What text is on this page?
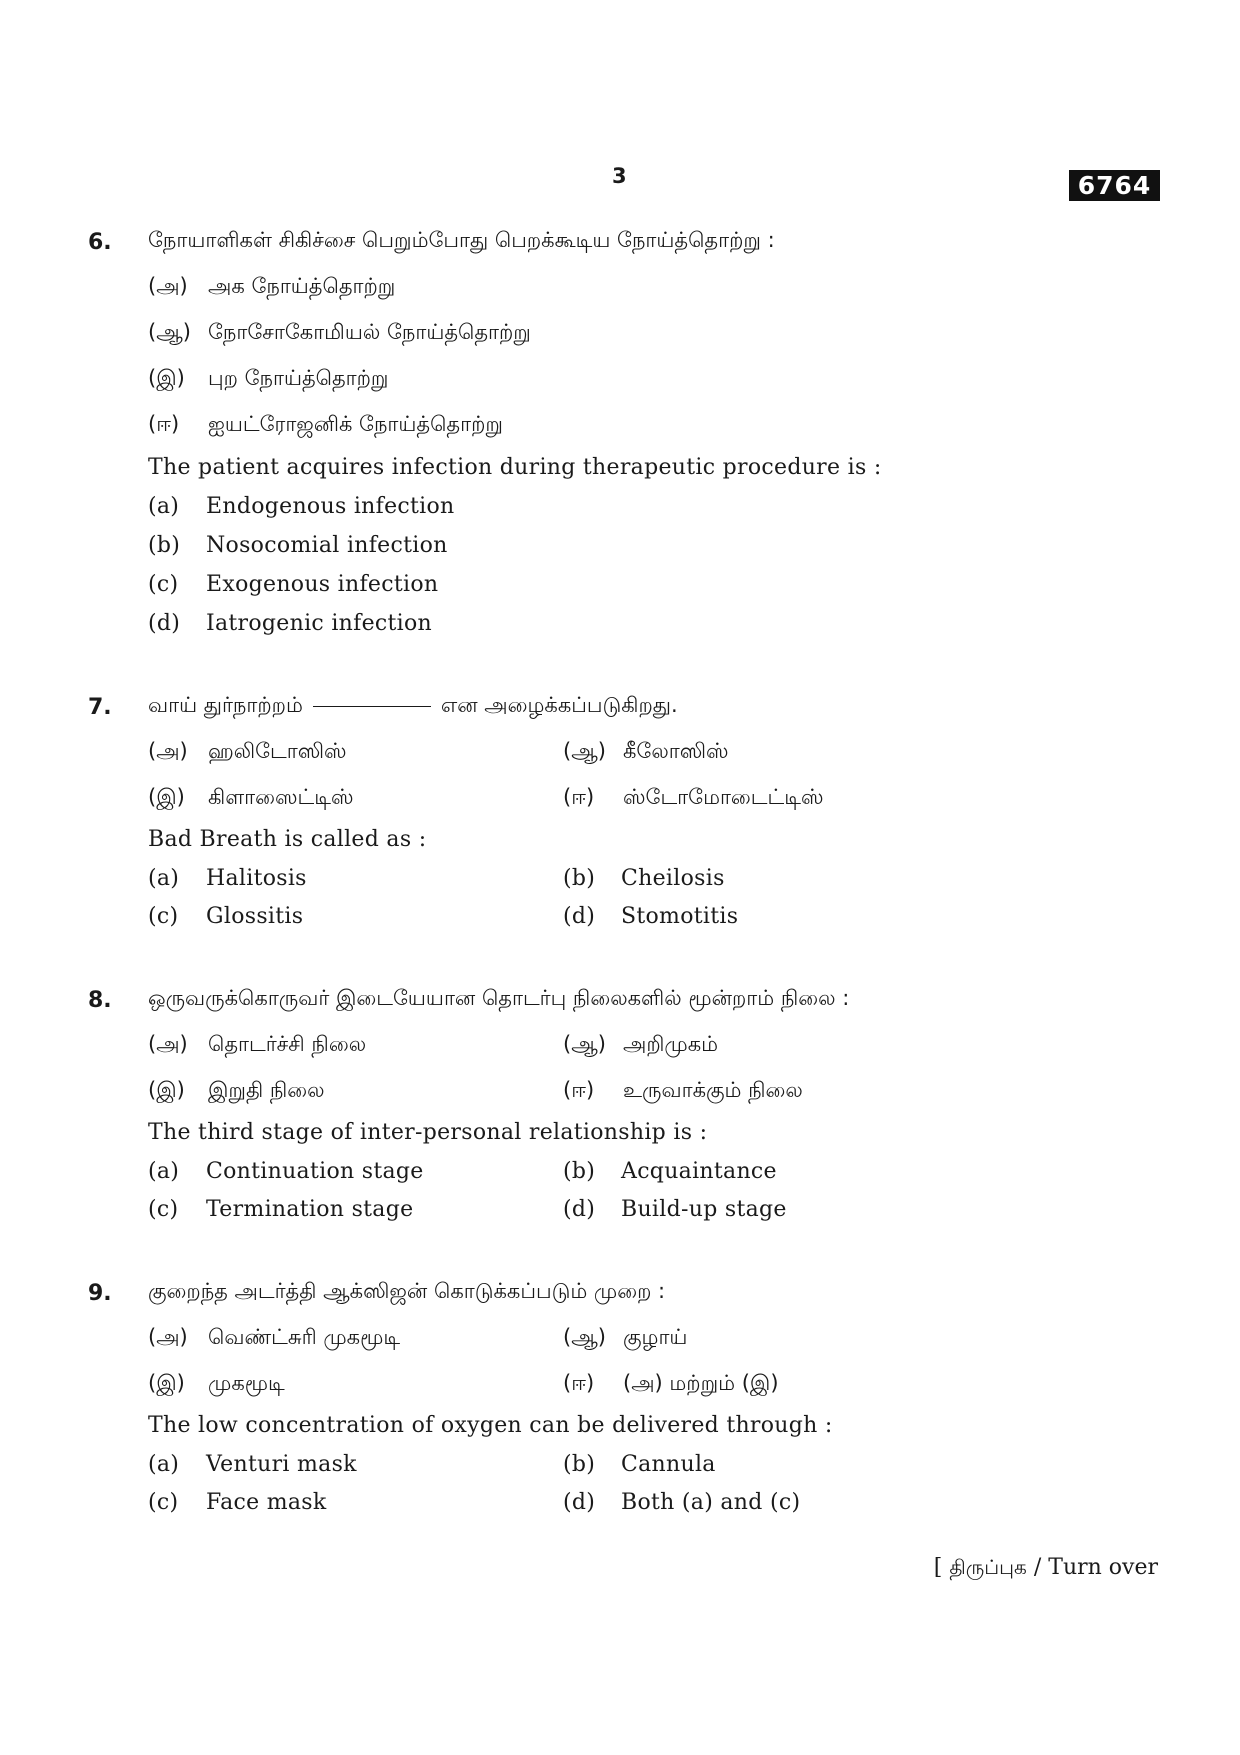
3	6764
6. நோயாளிகள் சிகிச்சை பெறும்போது பெறக்கூடிய நோய்த்தொற்று :
(அ) அக நோய்த்தொற்று
(ஆ) நோசோகோமியல் நோய்த்தொற்று
(இ) புற நோய்த்தொற்று
(ஈ) ஐயட்ரோஜனிக் நோய்த்தொற்று
The patient acquires infection during therapeutic procedure is :
(a) Endogenous infection
(b) Nosocomial infection
(c) Exogenous infection
(d) Iatrogenic infection
7. வாய் துர்நாற்றம்	என அழைக்கப்படுகிறது.
(அ) ஹலிடோஸிஸ்	(ஆ) கீலோஸிஸ்
(இ) கிளாஸைட்டிஸ்	(ஈ) ஸ்டோமோடைட்டிஸ்
Bad Breath is called as :
(a) Halitosis	(b) Cheilosis
(c) Glossitis	(d) Stomotitis
8. ஒருவருக்கொருவர் இடையேயான தொடர்பு நிலைகளில் மூன்றாம் நிலை :
(அ) தொடர்ச்சி நிலை	(ஆ) அறிமுகம்
(இ) இறுதி நிலை	(ஈ) உருவாக்கும் நிலை
The third stage of inter-personal relationship is :
(a) Continuation stage	(b) Acquaintance
(c) Termination stage	(d) Build-up stage
9. குறைந்த அடர்த்தி ஆக்ஸிஜன் கொடுக்கப்படும் முறை :
(அ) வெண்ட்சுரி முகமூடி	(ஆ) குழாய்
(இ) முகமூடி	(ஈ) (அ) மற்றும் (இ)
The low concentration of oxygen can be delivered through :
(a) Venturi mask	(b) Cannula
(c) Face mask	(d) Both (a) and (c)
[ திருப்புக / Turn over
